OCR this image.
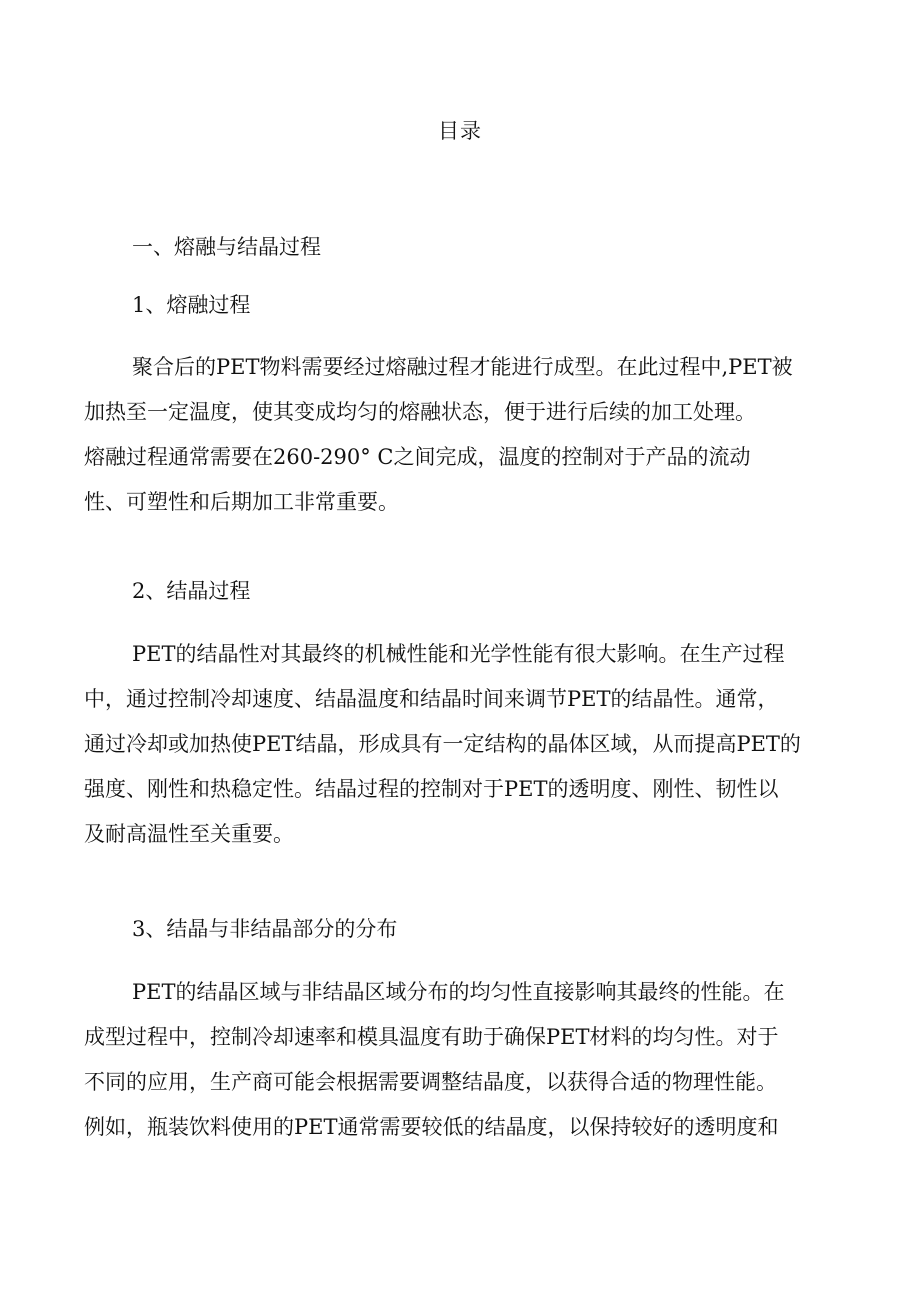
目录
一、熔融与结晶过程
1、熔融过程
聚合后的PET物料需要经过熔融过程才能进行成型。在此过程中,PET被
加热至一定温度，使其变成均匀的熔融状态，便于进行后续的加工处理。
熔融过程通常需要在260-290° C之间完成，温度的控制对于产品的流动
性、可塑性和后期加工非常重要。
2、结晶过程
PET的结晶性对其最终的机械性能和光学性能有很大影响。在生产过程
中，通过控制冷却速度、结晶温度和结晶时间来调节PET的结晶性。通常，
通过冷却或加热使PET结晶，形成具有一定结构的晶体区域，从而提高PET的
强度、刚性和热稳定性。结晶过程的控制对于PET的透明度、刚性、韧性以
及耐高温性至关重要。
3、结晶与非结晶部分的分布
PET的结晶区域与非结晶区域分布的均匀性直接影响其最终的性能。在
成型过程中，控制冷却速率和模具温度有助于确保PET材料的均匀性。对于
不同的应用，生产商可能会根据需要调整结晶度，以获得合适的物理性能。
例如，瓶装饮料使用的PET通常需要较低的结晶度，以保持较好的透明度和
